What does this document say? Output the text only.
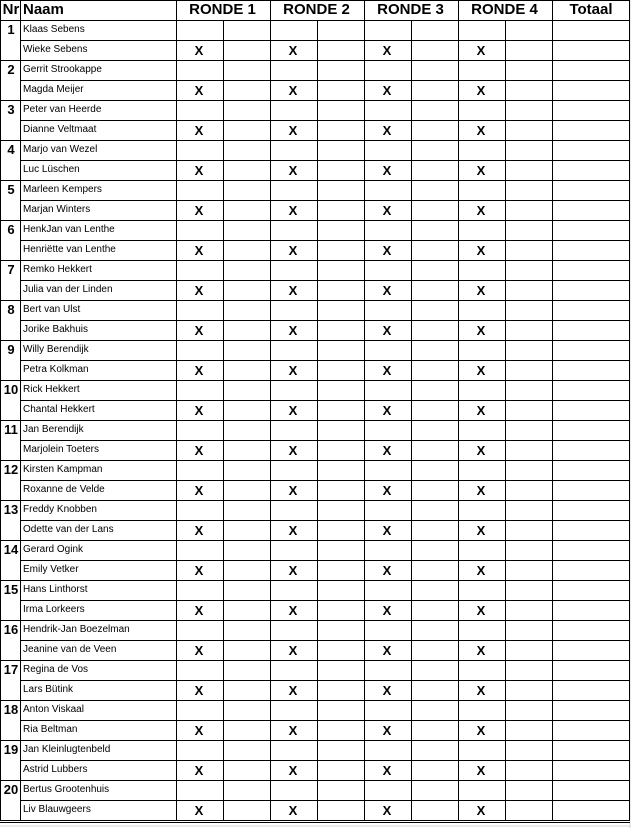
Nr Naam	RONDE 1	RONDE 2	RONDE 3	RONDE 4	Totaal
1 Klaas Sebens
Wieke Sebens	X	X	X	X
2 Gerrit Strookappe
Magda Meijer	X	X	X	X
3 Peter van Heerde
Dianne Veltmaat	X	X	X	X
4 Marjo van Wezel
Luc Lüschen	X	X	X	X
5 Marleen Kempers
Marjan Winters	X	X	X	X
6 HenkJan van Lenthe
Henriëtte van Lenthe	X	X	X	X
7 Remko Hekkert
Julia van der Linden	X	X	X	X
8 Bert van Ulst
Jorike Bakhuis	X	X	X	X
9 Willy Berendijk
Petra Kolkman	X	X	X	X
10 Rick Hekkert
Chantal Hekkert	X	X	X	X
11 Jan Berendijk
Marjolein Toeters	X	X	X	X
12 Kirsten Kampman
Roxanne de Velde	X	X	X	X
13 Freddy Knobben
Odette van der Lans	X	X	X	X
14 Gerard Ogink
Emily Vetker	X	X	X	X
15 Hans Linthorst
Irma Lorkeers	X	X	X	X
16 Hendrik-Jan Boezelman
Jeanine van de Veen	X	X	X	X
17 Regina de Vos
Lars Bütink	X	X	X	X
18 Anton Viskaal
Ria Beltman	X	X	X	X
19 Jan Kleinlugtenbeld
Astrid Lubbers	X	X	X	X
20 Bertus Grootenhuis
Liv Blauwgeers	X	X	X	X
